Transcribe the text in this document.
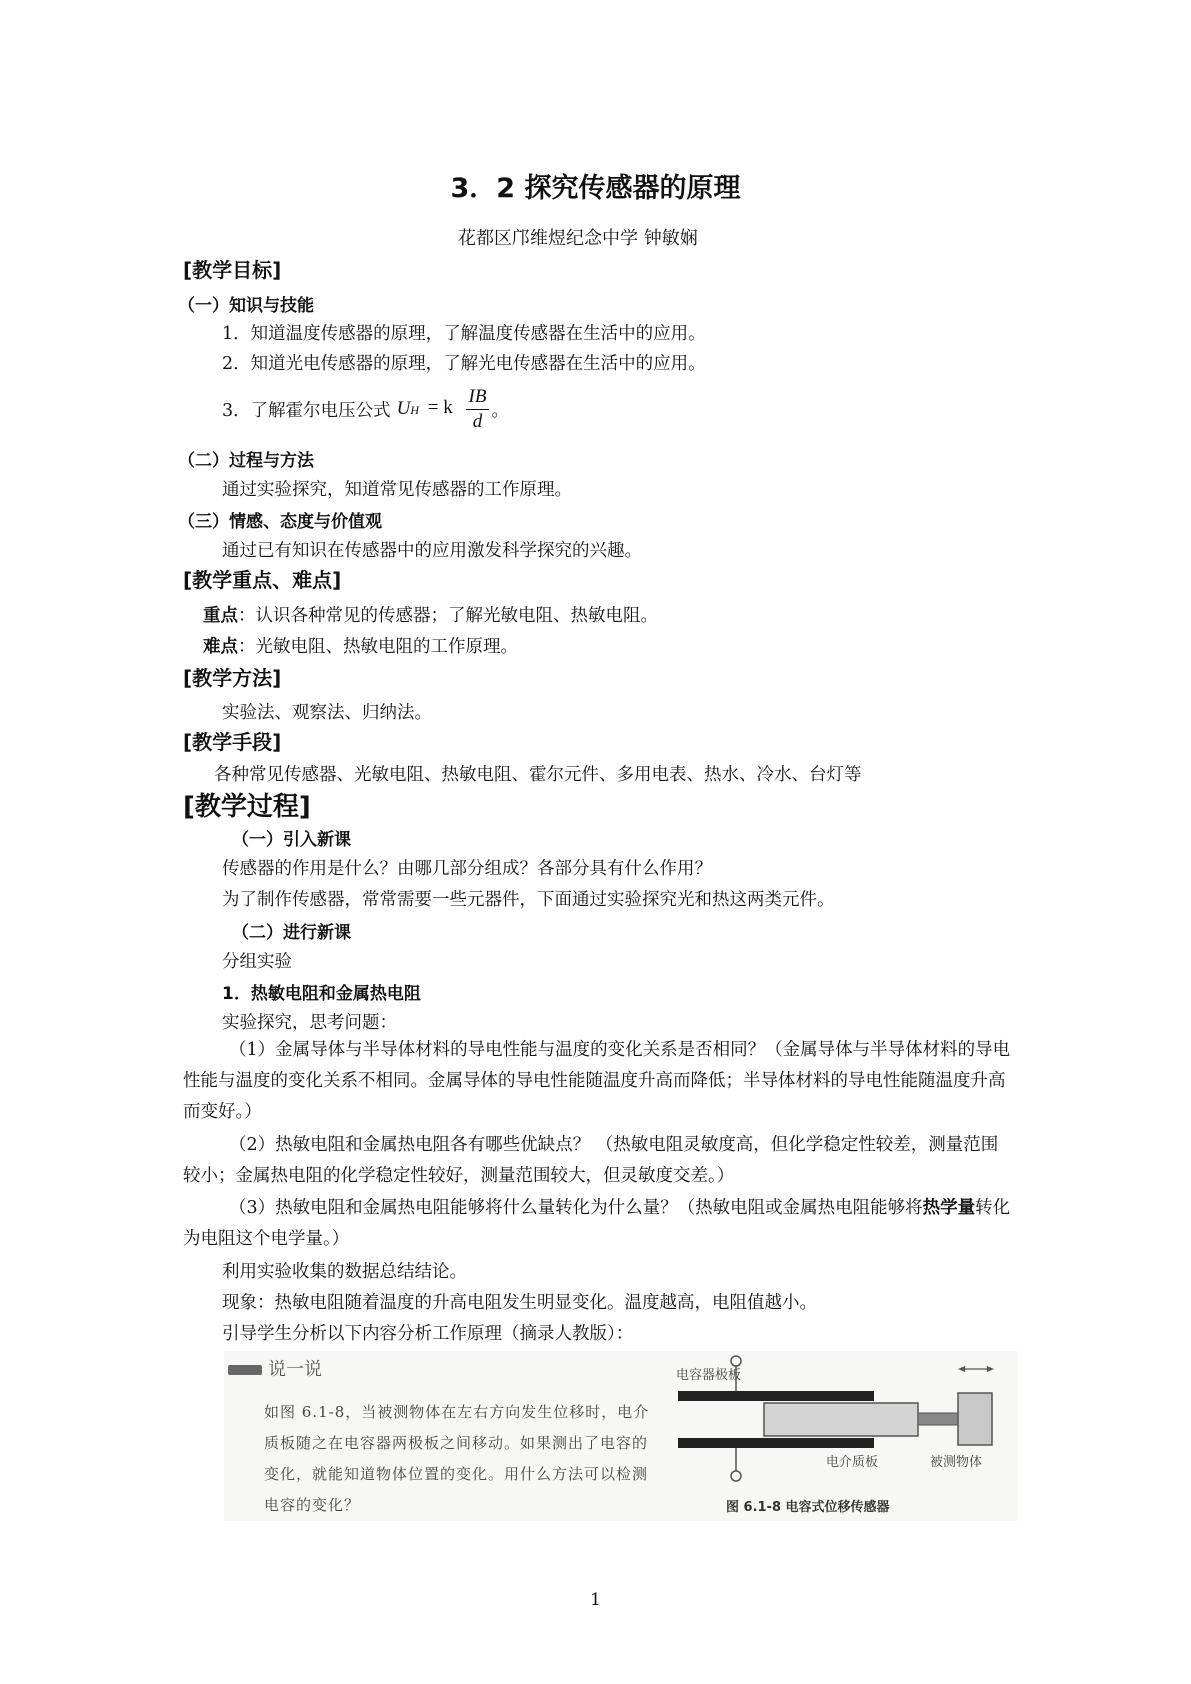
3．2 探究传感器的原理
花都区邝维煜纪念中学 钟敏娴
[教学目标]
（一）知识与技能
1．知道温度传感器的原理，了解温度传感器在生活中的应用。
2．知道光电传感器的原理，了解光电传感器在生活中的应用。
3．了解霍尔电压公式 UH = k $\frac{IB}{d}$ 。
（二）过程与方法
通过实验探究，知道常见传感器的工作原理。
（三）情感、态度与价值观
通过已有知识在传感器中的应用激发科学探究的兴趣。
[教学重点、难点]
重点：认识各种常见的传感器；了解光敏电阻、热敏电阻。
难点：光敏电阻、热敏电阻的工作原理。
[教学方法]
实验法、观察法、归纳法。
[教学手段]
各种常见传感器、光敏电阻、热敏电阻、霍尔元件、多用电表、热水、冷水、台灯等
[教学过程]
（一）引入新课
传感器的作用是什么？由哪几部分组成？各部分具有什么作用？
为了制作传感器，常常需要一些元器件，下面通过实验探究光和热这两类元件。
（二）进行新课
分组实验
1．热敏电阻和金属热电阻
实验探究，思考问题：
（1）金属导体与半导体材料的导电性能与温度的变化关系是否相同？（金属导体与半导体材料的导电性能与温度的变化关系不相同。金属导体的导电性能随温度升高而降低；半导体材料的导电性能随温度升高而变好。）
（2）热敏电阻和金属热电阻各有哪些优缺点？ （热敏电阻灵敏度高，但化学稳定性较差，测量范围较小；金属热电阻的化学稳定性较好，测量范围较大，但灵敏度交差。）
（3）热敏电阻和金属热电阻能够将什么量转化为什么量？（热敏电阻或金属热电阻能够将热学量转化为电阻这个电学量。）
利用实验收集的数据总结结论。
现象：热敏电阻随着温度的升高电阻发生明显变化。温度越高，电阻值越小。
引导学生分析以下内容分析工作原理（摘录人教版）：
说一说
如图 6.1-8，当被测物体在左右方向发生位移时，电介质板随之在电容器两极板之间移动。如果测出了电容的变化，就能知道物体位置的变化。用什么方法可以检测电容的变化？
电容器极板
电介质板	被测物体
图 6.1-8 电容式位移传感器
1
